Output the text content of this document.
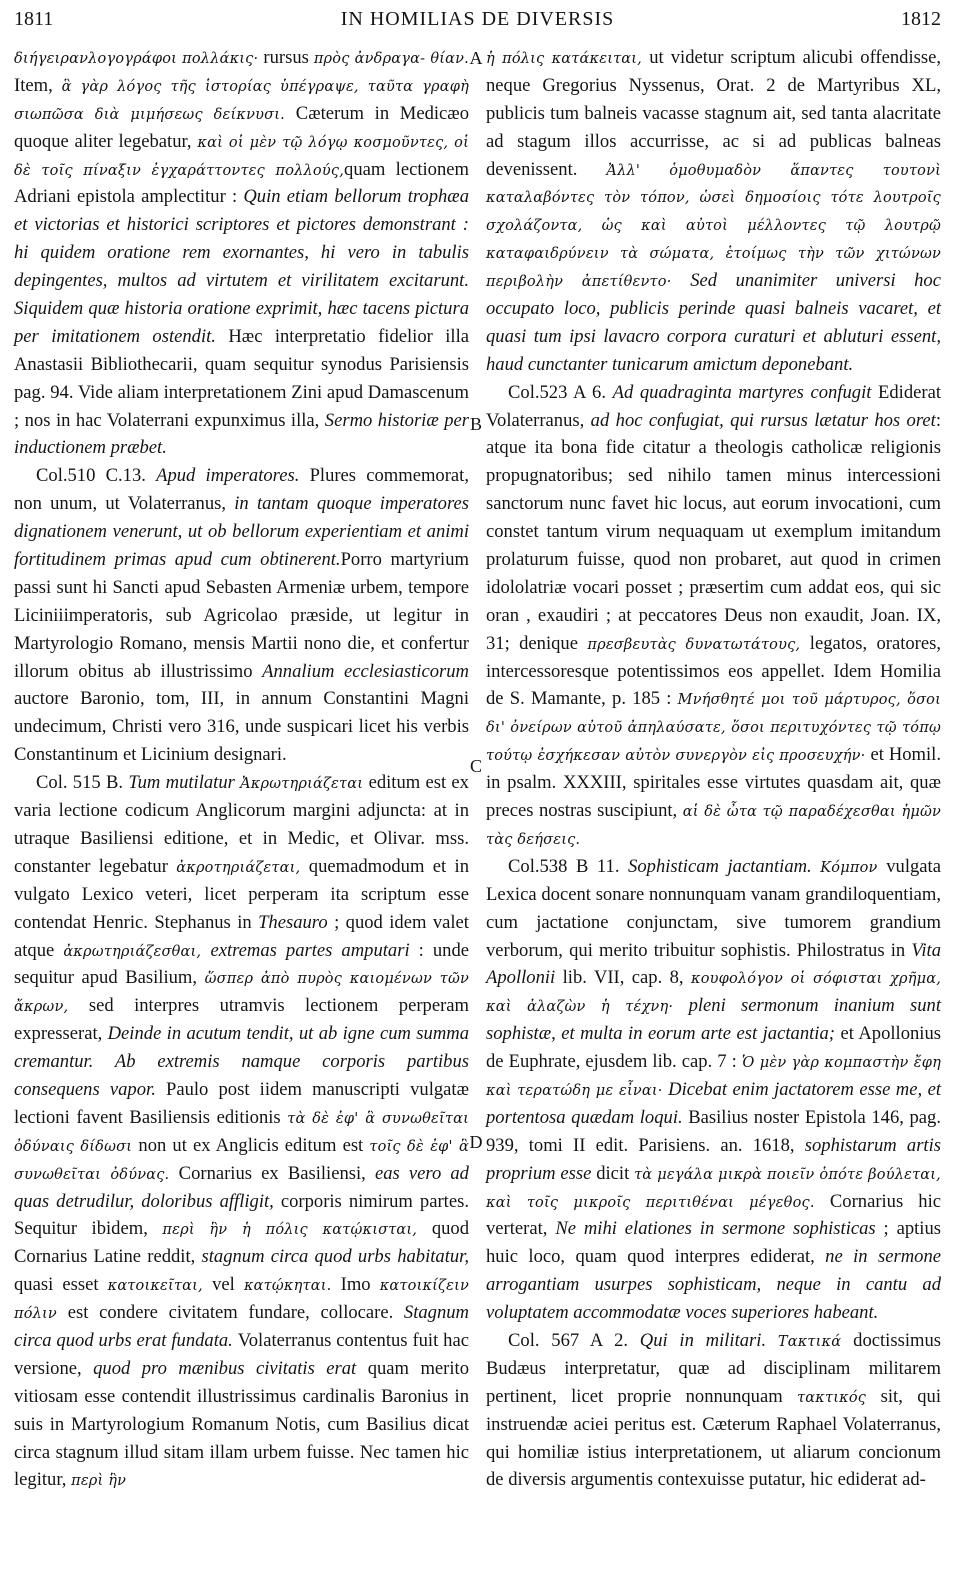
1811	IN HOMILIAS DE DIVERSIS	1812

διήγειρανλογογράφοι πολλάκις· rursus πρὸς ἀνδραγα- θίαν. Item, ἃ γὰρ λόγος τῆς ἱστορίας ὑπέγραψε, ταῦτα γραφὴ σιωπῶσα διὰ μιμήσεως δείκνυσι. Cæterum in Medicæo quoque aliter legebatur, καὶ οἱ μὲν τῷ λόγῳ κοσμοῦντες, οἱ δὲ τοῖς πίναξιν ἐγχαράττοντες πολλούς,quam lectionem Adriani epistola amplectitur : Quin etiam bellorum trophæa et victorias et historici scriptores et pictores demonstrant : hi quidem oratione rem exornantes, hi vero in tabulis depingentes, multos ad virtutem et virilitatem excitarunt. Siquidem quæ historia oratione exprimit, hæc tacens pictura per imitationem ostendit. Hæc interpretatio fidelior illa Anastasii Bibliothecarii, quam sequitur synodus Parisiensis pag. 94. Vide aliam interpretationem Zini apud Damascenum ; nos in hac Volaterrani expunximus illa, Sermo historiæ per inductionem præbet.

Col.510 C.13. Apud imperatores. Plures commemorat, non unum, ut Volaterranus, in tantam quoque imperatores dignationem venerunt, ut ob bellorum experientiam et animi fortitudinem primas apud cum obtinerent.Porro martyrium passi sunt hi Sancti apud Sebasten Armeniæ urbem, tempore Liciniiimperatoris, sub Agricolao præside, ut legitur in Martyrologio Romano, mensis Martii nono die, et confertur illorum obitus ab illustrissimo Annalium ecclesiasticorum auctore Baronio, tom, III, in annum Constantini Magni undecimum, Christi vero 316, unde suspicari licet his verbis Constantinum et Licinium designari.

Col. 515 B. Tum mutilatur Ἀκρωτηριάζεται editum est ex varia lectione codicum Anglicorum margini adjuncta: at in utraque Basiliensi editione, et in Medic, et Olivar. mss. constanter legebatur ἀκροτηριάζεται, quemadmodum et in vulgato Lexico veteri, licet perperam ita scriptum esse contendat Henric. Stephanus in Thesauro ; quod idem valet atque ἀκρωτηριάζεσθαι, extremas partes amputari : unde sequitur apud Basilium, ὥσπερ ἀπὸ πυρὸς καιομένων τῶν ἄκρων, sed interpres utramvis lectionem perperam expresserat, Deinde in acutum tendit, ut ab igne cum summa cremantur. Ab extremis namque corporis partibus consequens vapor. Paulo post iidem manuscripti vulgatæ lectioni favent Basiliensis editionis τὰ δὲ ἐφ' ἃ συνωθεῖται ὀδύναις δίδωσι non ut ex Anglicis editum est τοῖς δὲ ἐφ' ἃ συνωθεῖται ὀδύνας. Cornarius ex Basiliensi, eas vero ad quas detrudilur, doloribus affligit, corporis nimirum partes. Sequitur ibidem, περὶ ἣν ἡ πόλις κατῴκισται, quod Cornarius Latine reddit, stagnum circa quod urbs habitatur, quasi esset κατοικεῖται, vel κατῴκηται. Imo κατοικίζειν πόλιν est condere civitatem fundare, collocare. Stagnum circa quod urbs erat fundata. Volaterranus contentus fuit hac versione, quod pro mænibus civitatis erat quam merito vitiosam esse contendit illustrissimus cardinalis Baronius in suis in Martyrologium Romanum Notis, cum Basilius dicat circa stagnum illud sitam illam urbem fuisse. Nec tamen hic legitur, περὶ ἣν

ἡ πόλις κατάκειται, ut videtur scriptum alicubi offendisse, neque Gregorius Nyssenus, Orat. 2 de Martyribus XL, publicis tum balneis vacasse stagnum ait, sed tanta alacritate ad stagum illos accurrisse, ac si ad publicas balneas devenissent. Ἀλλ' ὁμοθυμαδὸν ἅπαντες τουτονὶ καταλαβόντες τὸν τόπον, ὡσεὶ δημοσίοις τότε λουτροῖς σχολάζοντα, ὡς καὶ αὐτοὶ μέλλοντες τῷ λουτρῷ καταφαιδρύνειν τὰ σώματα, ἑτοίμως τὴν τῶν χιτώνων περιβολὴν ἀπετίθεντο· Sed unanimiter universi hoc occupato loco, publicis perinde quasi balneis vacaret, et quasi tum ipsi lavacro corpora curaturi et abluturi essent, haud cunctanter tunicarum amictum deponebant.

Col.523 A 6. Ad quadraginta martyres confugit Ediderat Volaterranus, ad hoc confugiat, qui rursus lætatur hos oret: atque ita bona fide citatur a theologis catholicæ religionis propugnatoribus; sed nihilo tamen minus intercessioni sanctorum nunc favet hic locus, aut eorum invocationi, cum constet tantum virum nequaquam ut exemplum imitandum prolaturum fuisse, quod non probaret, aut quod in crimen idololatriæ vocari posset ; præsertim cum addat eos, qui sic oran , exaudiri ; at peccatores Deus non exaudit, Joan. IX, 31; denique πρεσβευτὰς δυνατωτάτους, legatos, oratores, intercessoresque potentissimos eos appellet. Idem Homilia de S. Mamante, p. 185 : Μνήσθητέ μοι τοῦ μάρτυρος, ὅσοι δι' ὀνείρων αὐτοῦ ἀπηλαύσατε, ὅσοι περιτυχόντες τῷ τόπῳ τούτῳ ἐσχήκεσαν αὐτὸν συνεργὸν εἰς προσευχήν· et Homil. in psalm. XXXIII, spiritales esse virtutes quasdam ait, quæ preces nostras suscipiunt, αἱ δὲ ὦτα τῷ παραδέχεσθαι ἡμῶν τὰς δεήσεις.

Col.538 B 11. Sophisticam jactantiam. Κόμπον vulgata Lexica docent sonare nonnunquam vanam grandiloquentiam, cum jactatione conjunctam, sive tumorem grandium verborum, qui merito tribuitur sophistis. Philostratus in Vita Apollonii lib. VII, cap. 8, κουφολόγον οἱ σόφισται χρῆμα, καὶ ἀλαζὼν ἡ τέχνη· pleni sermonum inanium sunt sophistæ, et multa in eorum arte est jactantia; et Apollonius de Euphrate, ejusdem lib. cap. 7 : Ὁ μὲν γὰρ κομπαστὴν ἔφη καὶ τερατώδη με εἶναι· Dicebat enim jactatorem esse me, et portentosa quædam loqui. Basilius noster Epistola 146, pag. 939, tomi II edit. Parisiens. an. 1618, sophistarum artis proprium esse dicit τὰ μεγάλα μικρὰ ποιεῖν ὁπότε βούλεται, καὶ τοῖς μικροῖς περιτιθέναι μέγεθος. Cornarius hic verterat, Ne mihi elationes in sermone sophisticas ; aptius huic loco, quam quod interpres ediderat, ne in sermone arrogantiam usurpes sophisticam, neque in cantu ad voluptatem accommodatæ voces superiores habeant.

Col. 567 A 2. Qui in militari. Τακτικά doctissimus Budæus interpretatur, quæ ad disciplinam militarem pertinent, licet proprie nonnunquam τακτικός sit, qui instruendæ aciei peritus est. Cæterum Raphael Volaterranus, qui homiliæ istius interpretationem, ut aliarum concionum de diversis argumentis contexuisse putatur, hic ediderat ad-

A
B
C
D
